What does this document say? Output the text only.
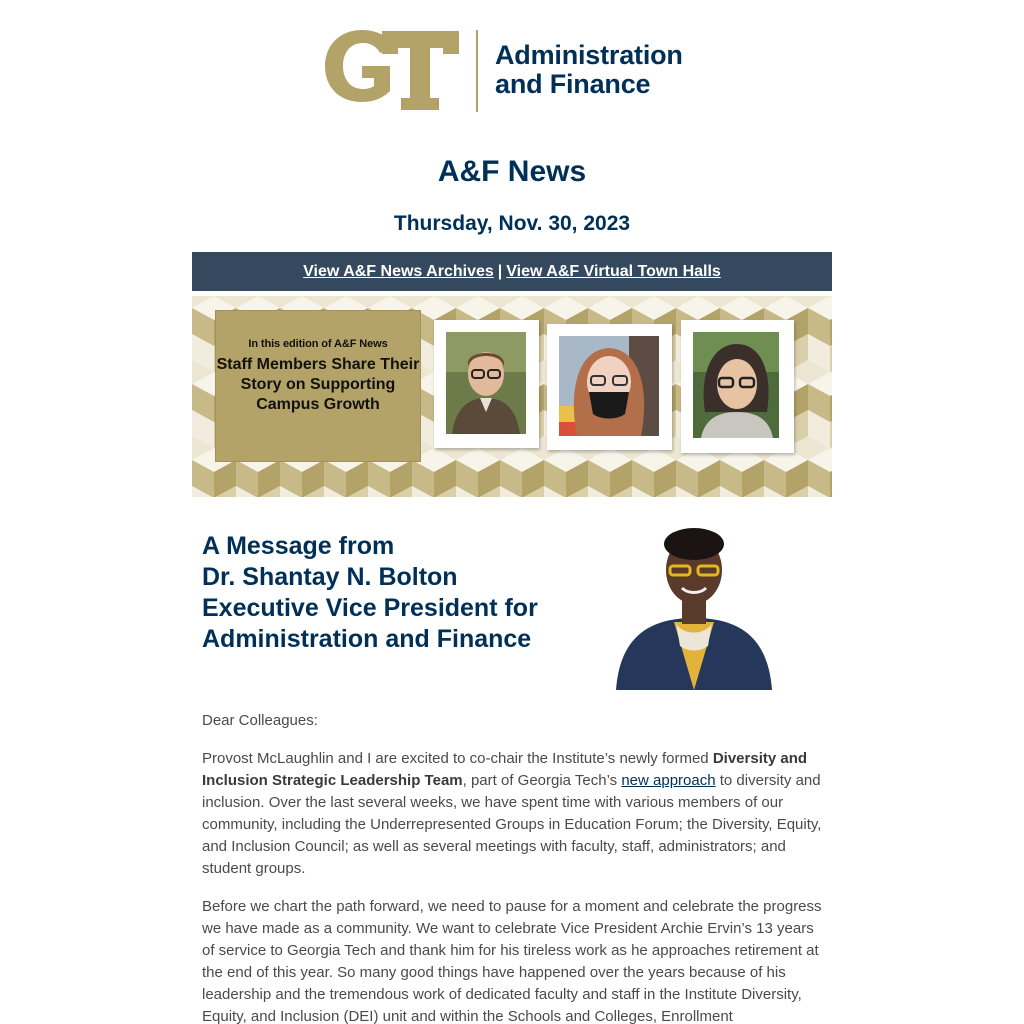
Administration
and Finance
A&F News
Thursday, Nov. 30, 2023
View A&F News Archives | View A&F Virtual Town Halls
In this edition of A&F News
Staff Members Share Their Story on Supporting Campus Growth
A Message from
Dr. Shantay N. Bolton
Executive Vice President for
Administration and Finance
Dear Colleagues:
Provost McLaughlin and I are excited to co-chair the Institute’s newly formed Diversity and Inclusion Strategic Leadership Team, part of Georgia Tech’s new approach to diversity and inclusion. Over the last several weeks, we have spent time with various members of our community, including the Underrepresented Groups in Education Forum; the Diversity, Equity, and Inclusion Council; as well as several meetings with faculty, staff, administrators; and student groups.
Before we chart the path forward, we need to pause for a moment and celebrate the progress we have made as a community. We want to celebrate Vice President Archie Ervin’s 13 years of service to Georgia Tech and thank him for his tireless work as he approaches retirement at the end of this year. So many good things have happened over the years because of his leadership and the tremendous work of dedicated faculty and staff in the Institute Diversity, Equity, and Inclusion (DEI) unit and within the Schools and Colleges, Enrollment
